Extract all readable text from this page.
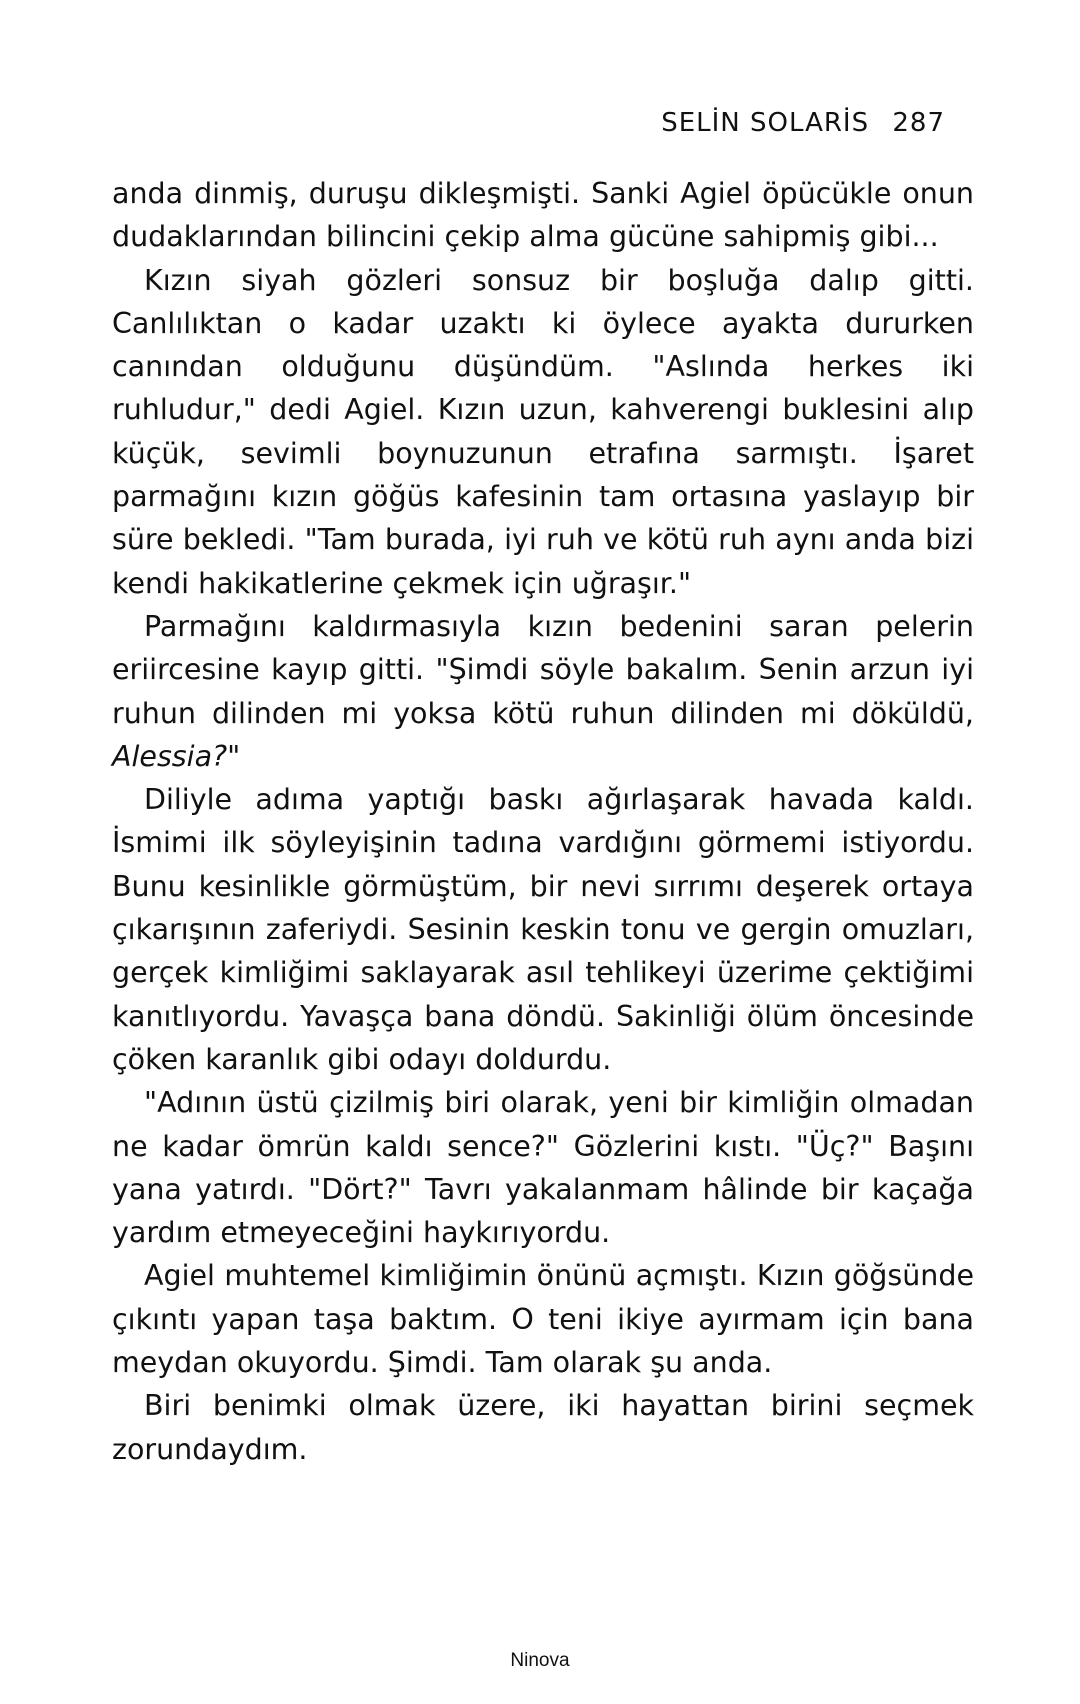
SELİN SOLARİS 287

anda dinmiş, duruşu dikleşmişti. Sanki Agiel öpücükle onun dudaklarından bilincini çekip alma gücüne sahipmiş gibi...

Kızın siyah gözleri sonsuz bir boşluğa dalıp gitti. Canlılıktan o kadar uzaktı ki öylece ayakta dururken canından olduğunu düşündüm. "Aslında herkes iki ruhludur," dedi Agiel. Kızın uzun, kahverengi buklesini alıp küçük, sevimli boynuzunun etrafına sarmıştı. İşaret parmağını kızın göğüs kafesinin tam ortasına yaslayıp bir süre bekledi. "Tam burada, iyi ruh ve kötü ruh aynı anda bizi kendi hakikatlerine çekmek için uğraşır."

Parmağını kaldırmasıyla kızın bedenini saran pelerin eriircesine kayıp gitti. "Şimdi söyle bakalım. Senin arzun iyi ruhun dilinden mi yoksa kötü ruhun dilinden mi döküldü, Alessia?"

Diliyle adıma yaptığı baskı ağırlaşarak havada kaldı. İsmimi ilk söyleyişinin tadına vardığını görmemi istiyordu. Bunu kesinlikle görmüştüm, bir nevi sırrımı deşerek ortaya çıkarışının zaferiydi. Sesinin keskin tonu ve gergin omuzları, gerçek kimliğimi saklayarak asıl tehlikeyi üzerime çektiğimi kanıtlıyordu. Yavaşça bana döndü. Sakinliği ölüm öncesinde çöken karanlık gibi odayı doldurdu.

"Adının üstü çizilmiş biri olarak, yeni bir kimliğin olmadan ne kadar ömrün kaldı sence?" Gözlerini kıstı. "Üç?" Başını yana yatırdı. "Dört?" Tavrı yakalanmam hâlinde bir kaçağa yardım etmeyeceğini haykırıyordu.

Agiel muhtemel kimliğimin önünü açmıştı. Kızın göğsünde çıkıntı yapan taşa baktım. O teni ikiye ayırmam için bana meydan okuyordu. Şimdi. Tam olarak şu anda.

Biri benimki olmak üzere, iki hayattan birini seçmek zorundaydım.

Ninova
